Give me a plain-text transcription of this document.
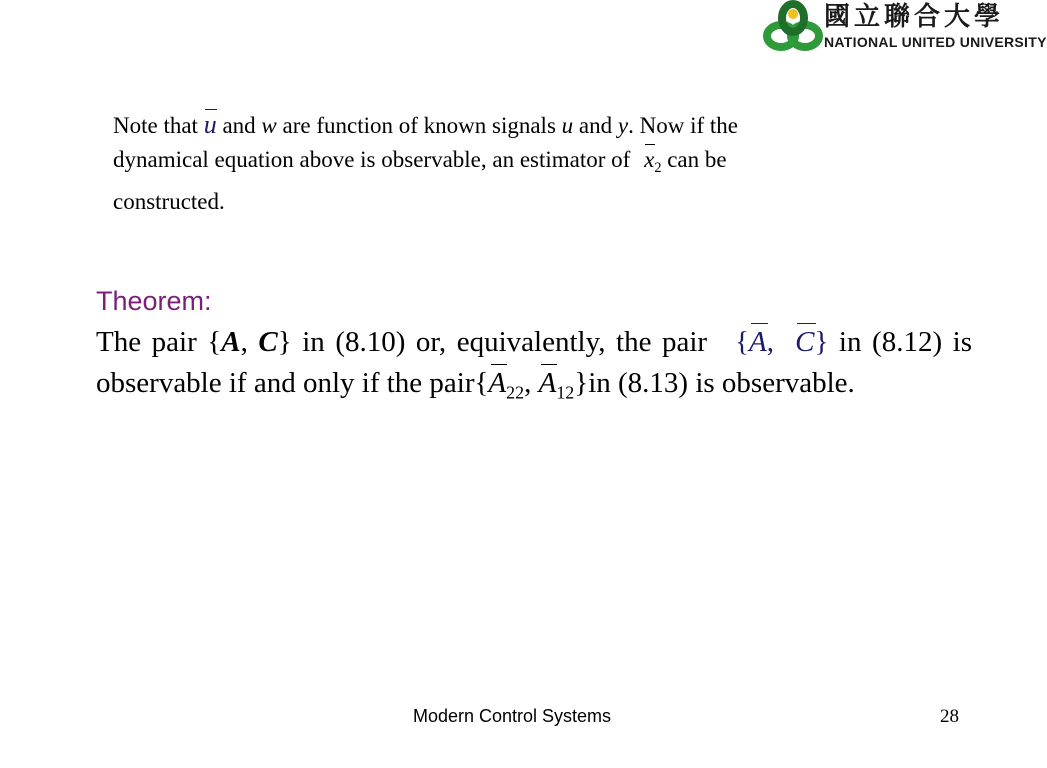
國立聯合大學
NATIONAL UNITED UNIVERSITY
Note that u and w are function of known signals u and y. Now if the
dynamical equation above is observable, an estimator of $x_2$ can be
constructed.
Theorem:
The pair {A, C} in (8.10) or, equivalently, the pair {A, C} in (8.12) is observable if and only if the $pair\{A_{22}$, $A_{12}\}in$ (8.13) is observable.
Modern Control Systems	28
